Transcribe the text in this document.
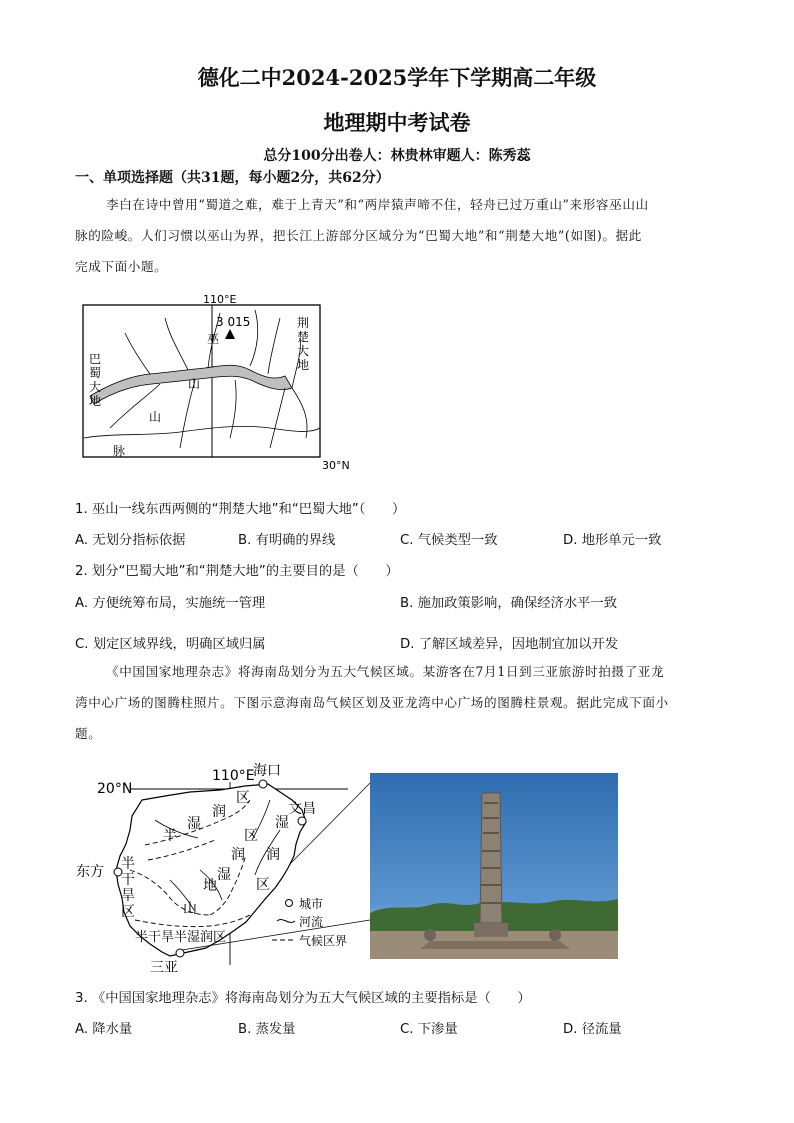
德化二中2024-2025学年下学期高二年级
地理期中考试卷
总分100分出卷人：林贵林审题人：陈秀蕊
一、单项选择题（共31题，每小题2分，共62分）
李白在诗中曾用“蜀道之难，难于上青天”和“两岸猿声啼不住，轻舟已过万重山”来形容巫山山
脉的险峻。人们习惯以巫山为界，把长江上游部分区域分为“巴蜀大地”和“荆楚大地”(如图)。据此
完成下面小题。
110°E
30°N
3 015
巫
山
山
脉
巴
蜀
大
地
荆
楚
大
地
1. 巫山一线东西两侧的“荆楚大地”和“巴蜀大地”（　　）
A. 无划分指标依据	B. 有明确的界线	C. 气候类型一致	D. 地形单元一致
2. 划分“巴蜀大地”和“荆楚大地”的主要目的是（　　）
A. 方便统筹布局，实施统一管理	B. 施加政策影响，确保经济水平一致
C. 划定区域界线，明确区域归属	D. 了解区域差异，因地制宜加以开发
《中国国家地理杂志》将海南岛划分为五大气候区域。某游客在7月1日到三亚旅游时拍摄了亚龙
湾中心广场的图腾柱照片。下图示意海南岛气候区划及亚龙湾中心广场的图腾柱景观。据此完成下面小
题。
20°N
110°E
海口
文昌
东方
三亚
润
湿
半
区
湿
区
润 润
湿
地	区
山
半
干
旱
区
半干旱半湿润区
城市
河流
气候区界
3. 《中国国家地理杂志》将海南岛划分为五大气候区域的主要指标是（　　）
A. 降水量	B. 蒸发量	C. 下渗量	D. 径流量
